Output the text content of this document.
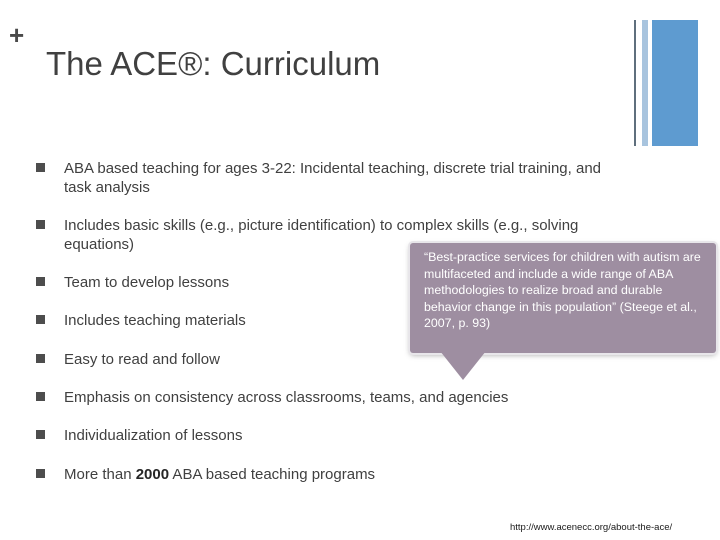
+
The ACE®: Curriculum
ABA based teaching for ages 3-22: Incidental teaching, discrete trial training, and task analysis
Includes basic skills (e.g., picture identification) to complex skills (e.g., solving equations)
Team to develop lessons
Includes teaching materials
Easy to read and follow
Emphasis on consistency across classrooms, teams, and agencies
Individualization of lessons
More than 2000 ABA based teaching programs
“Best-practice services for children with autism are multifaceted and include a wide range of ABA methodologies to realize broad and durable behavior change in this population” (Steege et al., 2007, p. 93)
http://www.acenecc.org/about-the-ace/
